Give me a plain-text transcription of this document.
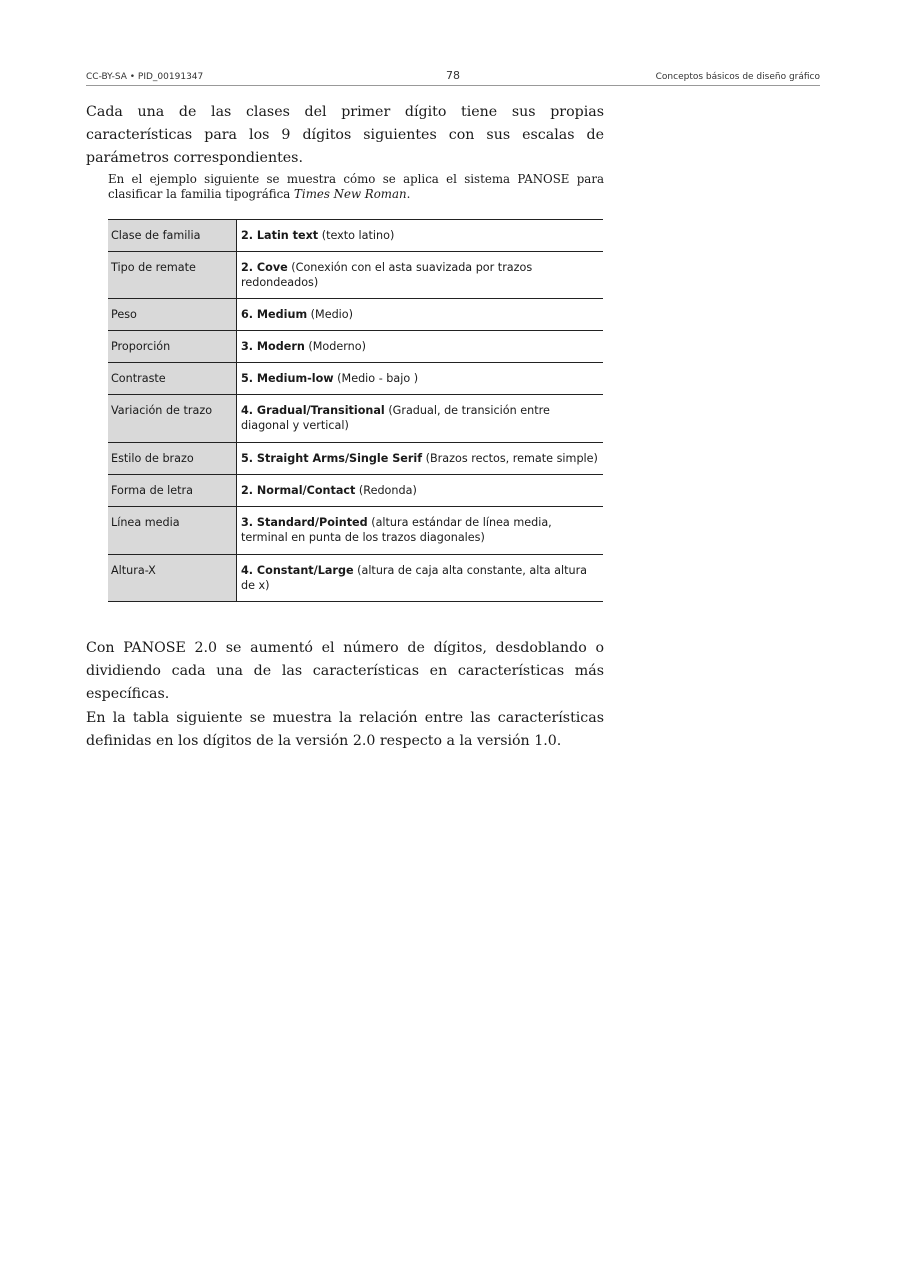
CC-BY-SA • PID_00191347	78	Conceptos básicos de diseño gráfico

Cada una de las clases del primer dígito tiene sus propias características para los 9 dígitos siguientes con sus escalas de parámetros correspondientes.

En el ejemplo siguiente se muestra cómo se aplica el sistema PANOSE para clasificar la familia tipográfica Times New Roman.
Clase de familia	2. Latin text (texto latino)
Tipo de remate	2. Cove (Conexión con el asta suavizada por trazos redondeados)
Peso	6. Medium (Medio)
Proporción	3. Modern (Moderno)
Contraste	5. Medium-low (Medio - bajo )
Variación de trazo	4. Gradual/Transitional (Gradual, de transición entre diagonal y vertical)
Estilo de brazo	5. Straight Arms/Single Serif (Brazos rectos, remate simple)
Forma de letra	2. Normal/Contact (Redonda)
Línea media	3. Standard/Pointed (altura estándar de línea media, terminal en punta de los trazos diagonales)
Altura-X	4. Constant/Large (altura de caja alta constante, alta altura de x)

Con PANOSE 2.0 se aumentó el número de dígitos, desdoblando o dividiendo cada una de las características en características más específicas.

En la tabla siguiente se muestra la relación entre las características definidas en los dígitos de la versión 2.0 respecto a la versión 1.0.
